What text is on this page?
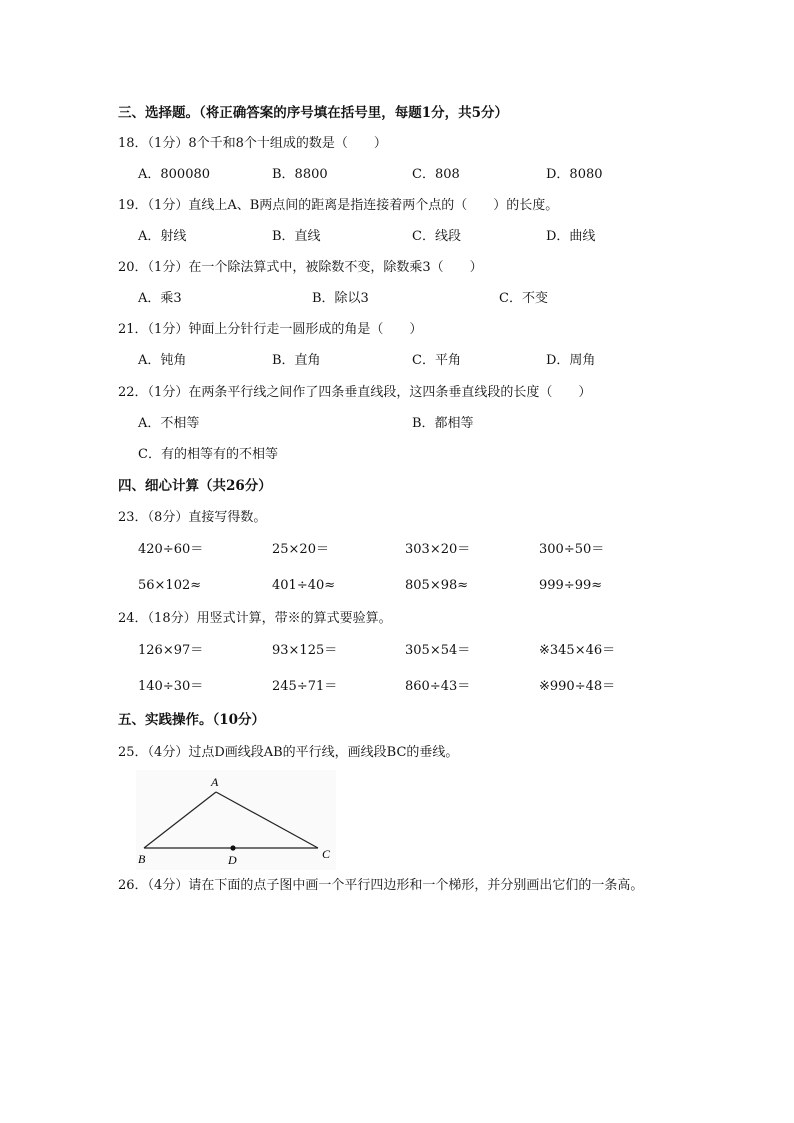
三、选择题。（将正确答案的序号填在括号里，每题1分，共5分）
18．（1分）8个千和8个十组成的数是（　　）
A．800080	B．8800	C．808	D．8080
19．（1分）直线上A、B两点间的距离是指连接着两个点的（　　）的长度。
A．射线	B．直线	C．线段	D．曲线
20．（1分）在一个除法算式中，被除数不变，除数乘3（　　）
A．乘3	B．除以3	C．不变
21．（1分）钟面上分针行走一圆形成的角是（　　）
A．钝角	B．直角	C．平角	D．周角
22．（1分）在两条平行线之间作了四条垂直线段，这四条垂直线段的长度（　　）
A．不相等	B．都相等
C．有的相等有的不相等
四、细心计算（共26分）
23．（8分）直接写得数。
420÷60＝	25×20＝	303×20＝	300÷50＝
56×102≈	401÷40≈	805×98≈	999÷99≈
24．（18分）用竖式计算，带※的算式要验算。
126×97＝	93×125＝	305×54＝	※345×46＝
140÷30＝	245÷71＝	860÷43＝	※990÷48＝
五、实践操作。（10分）
25．（4分）过点D画线段AB的平行线，画线段BC的垂线。
A
B	D	C
26．（4分）请在下面的点子图中画一个平行四边形和一个梯形，并分别画出它们的一条高。
